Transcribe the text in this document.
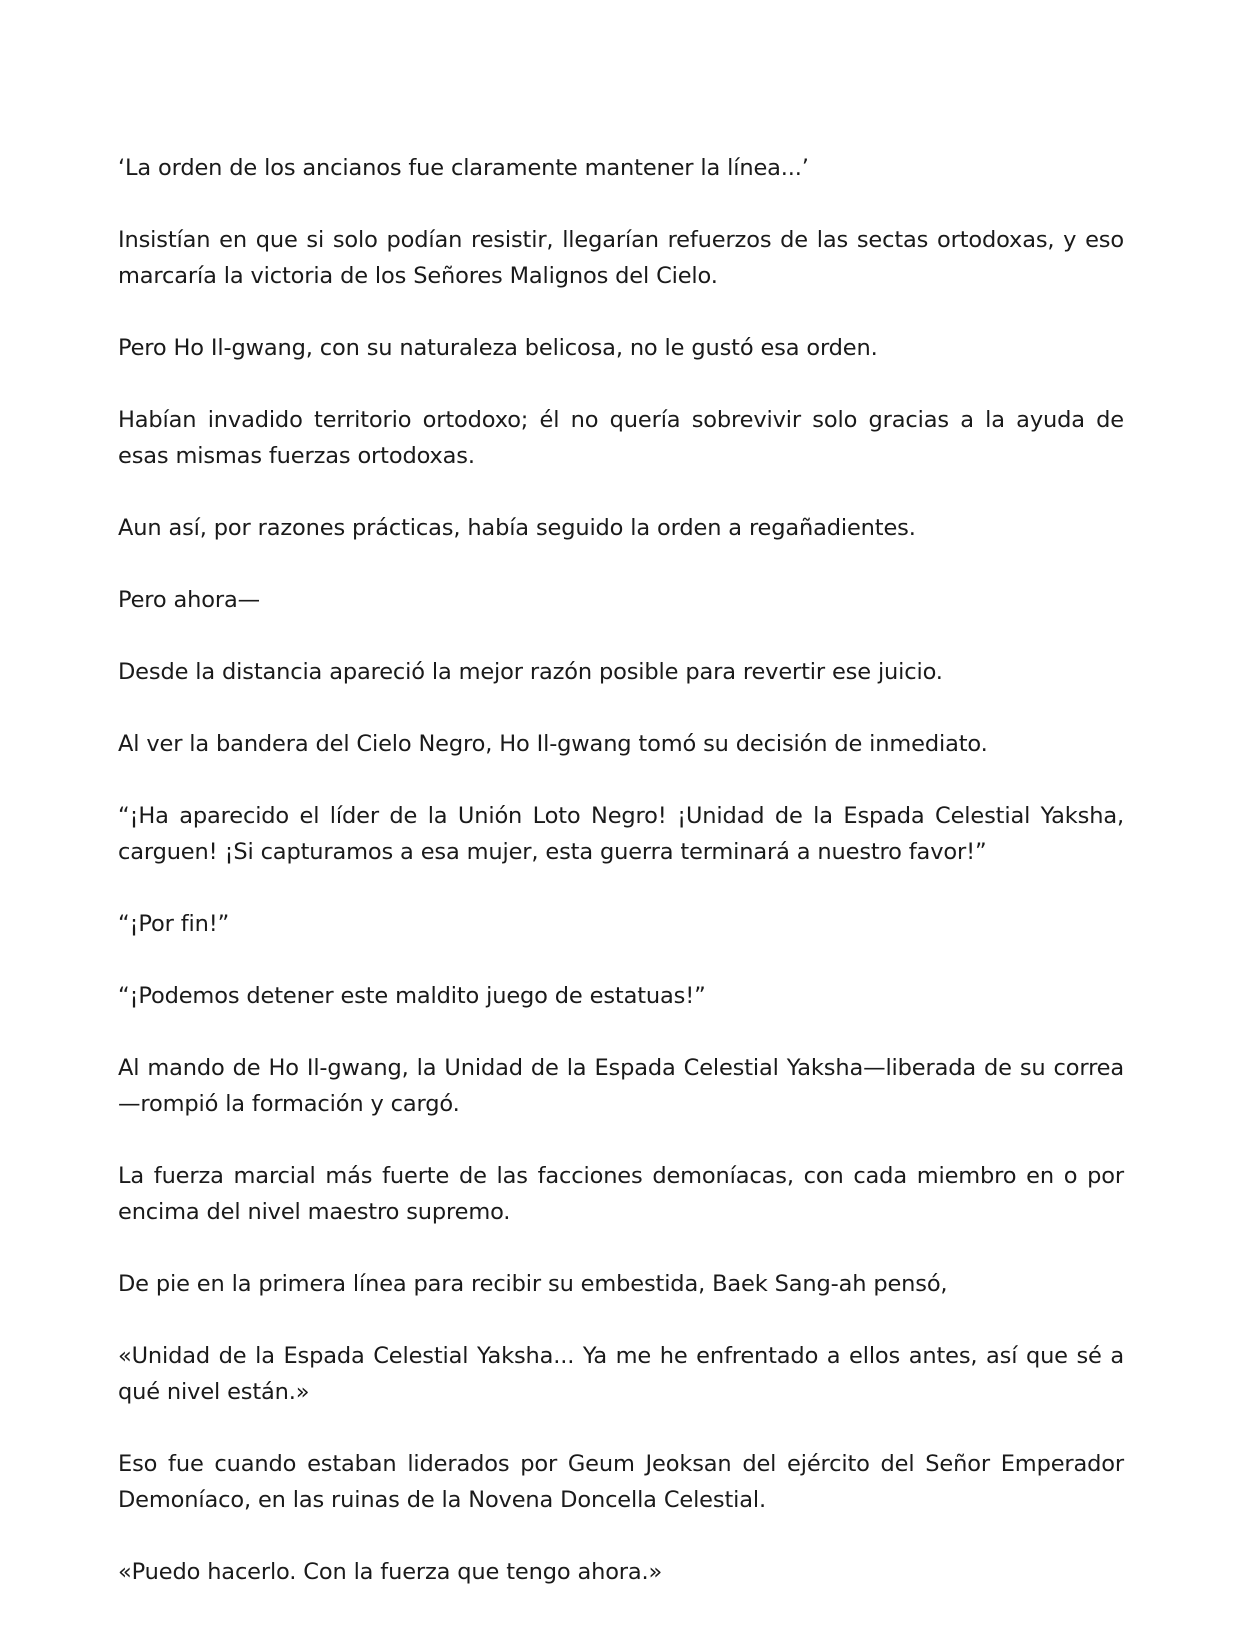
‘La orden de los ancianos fue claramente mantener la línea...’

Insistían en que si solo podían resistir, llegarían refuerzos de las sectas ortodoxas, y eso marcaría la victoria de los Señores Malignos del Cielo.

Pero Ho Il-gwang, con su naturaleza belicosa, no le gustó esa orden.

Habían invadido territorio ortodoxo; él no quería sobrevivir solo gracias a la ayuda de esas mismas fuerzas ortodoxas.

Aun así, por razones prácticas, había seguido la orden a regañadientes.

Pero ahora—

Desde la distancia apareció la mejor razón posible para revertir ese juicio.

Al ver la bandera del Cielo Negro, Ho Il-gwang tomó su decisión de inmediato.

“¡Ha aparecido el líder de la Unión Loto Negro! ¡Unidad de la Espada Celestial Yaksha, carguen! ¡Si capturamos a esa mujer, esta guerra terminará a nuestro favor!”

“¡Por fin!”

“¡Podemos detener este maldito juego de estatuas!”

Al mando de Ho Il-gwang, la Unidad de la Espada Celestial Yaksha—liberada de su correa—rompió la formación y cargó.

La fuerza marcial más fuerte de las facciones demoníacas, con cada miembro en o por encima del nivel maestro supremo.

De pie en la primera línea para recibir su embestida, Baek Sang-ah pensó,

«Unidad de la Espada Celestial Yaksha... Ya me he enfrentado a ellos antes, así que sé a qué nivel están.»

Eso fue cuando estaban liderados por Geum Jeoksan del ejército del Señor Emperador Demoníaco, en las ruinas de la Novena Doncella Celestial.

«Puedo hacerlo. Con la fuerza que tengo ahora.»
